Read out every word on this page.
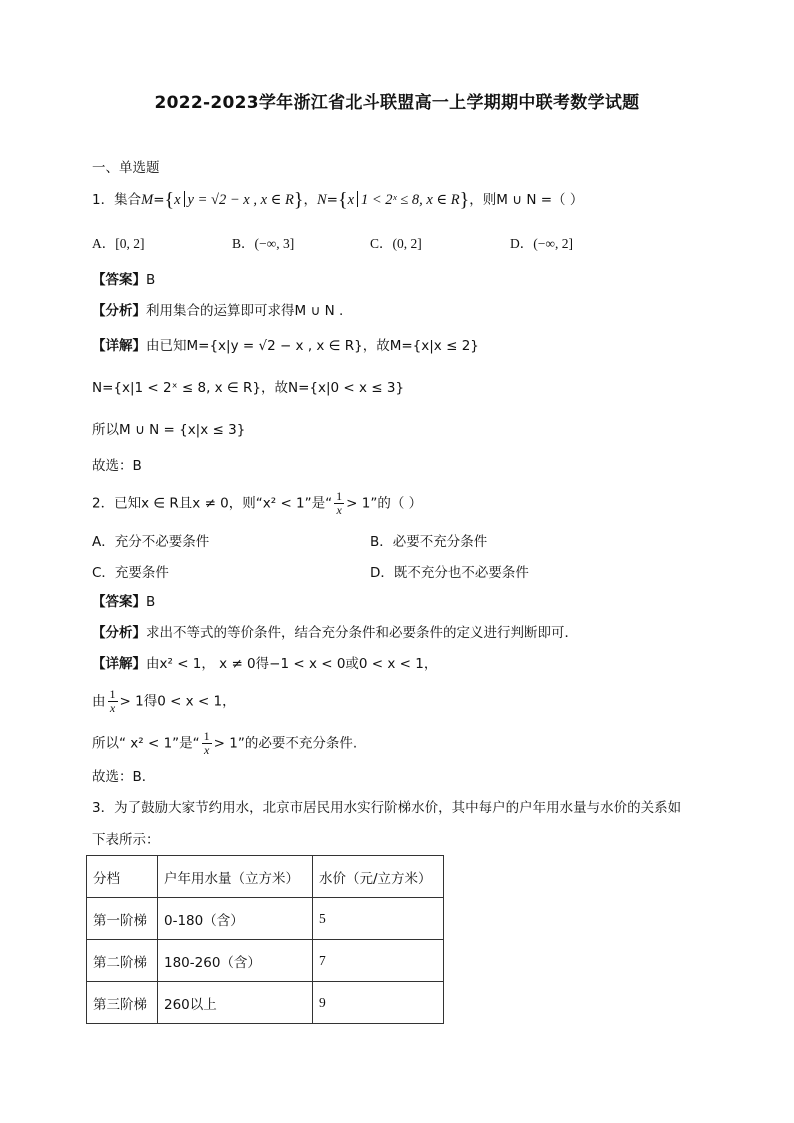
2022-2023学年浙江省北斗联盟高一上学期期中联考数学试题
一、单选题
1．集合M={x y = √2 − x , x ∈ R}，N={x 1 < 2ˣ ≤ 8, x ∈ R}，则M ∪ N =（ ）
A．[0, 2]	B．(−∞, 3]	C．(0, 2]	D．(−∞, 2]
【答案】B
【分析】利用集合的运算即可求得M ∪ N .
【详解】由已知M={x|y = √2 − x , x ∈ R}，故M={x|x ≤ 2}
N={x|1 < 2ˣ ≤ 8, x ∈ R}，故N={x|0 < x ≤ 3}
所以M ∪ N = {x|x ≤ 3}
故选：B
2．已知x ∈ R且x ≠ 0，则“x² < 1”是“ $\frac{1}{x} > 1$”的（ ）
A．充分不必要条件	B．必要不充分条件
C．充要条件	D．既不充分也不必要条件
【答案】B
【分析】求出不等式的等价条件，结合充分条件和必要条件的定义进行判断即可．
【详解】由x² < 1， x ≠ 0得−1 < x < 0或0 < x < 1，
由 $\frac{1}{x} > 1$得0 < x < 1，
所以“ x² < 1”是“ $\frac{1}{x} > 1$”的必要不充分条件.
故选：B．
3．为了鼓励大家节约用水，北京市居民用水实行阶梯水价，其中每户的户年用水量与水价的关系如
下表所示：
分档	户年用水量（立方米）	水价（元/立方米）
第一阶梯	0-180（含）	5
第二阶梯	180-260（含）	7
第三阶梯	260以上	9
